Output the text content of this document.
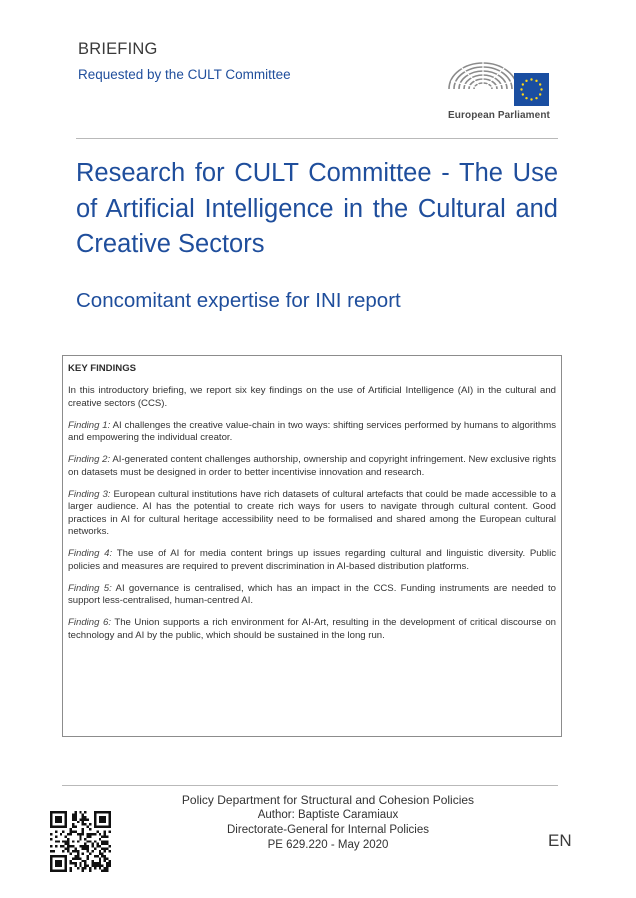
BRIEFING
Requested by the CULT Committee
European Parliament
Research for CULT Committee - The Use of Artificial Intelligence in the Cultural and Creative Sectors
Concomitant expertise for INI report
KEY FINDINGS

In this introductory briefing, we report six key findings on the use of Artificial Intelligence (AI) in the cultural and creative sectors (CCS).

Finding 1: AI challenges the creative value-chain in two ways: shifting services performed by humans to algorithms and empowering the individual creator.

Finding 2: AI-generated content challenges authorship, ownership and copyright infringement. New exclusive rights on datasets must be designed in order to better incentivise innovation and research.

Finding 3: European cultural institutions have rich datasets of cultural artefacts that could be made accessible to a larger audience. AI has the potential to create rich ways for users to navigate through cultural content. Good practices in AI for cultural heritage accessibility need to be formalised and shared among the European cultural networks.

Finding 4: The use of AI for media content brings up issues regarding cultural and linguistic diversity. Public policies and measures are required to prevent discrimination in AI-based distribution platforms.

Finding 5: AI governance is centralised, which has an impact in the CCS. Funding instruments are needed to support less-centralised, human-centred AI.

Finding 6: The Union supports a rich environment for AI-Art, resulting in the development of critical discourse on technology and AI by the public, which should be sustained in the long run.

Policy Department for Structural and Cohesion Policies
Author: Baptiste Caramiaux
Directorate-General for Internal Policies
PE 629.220 - May 2020	EN
